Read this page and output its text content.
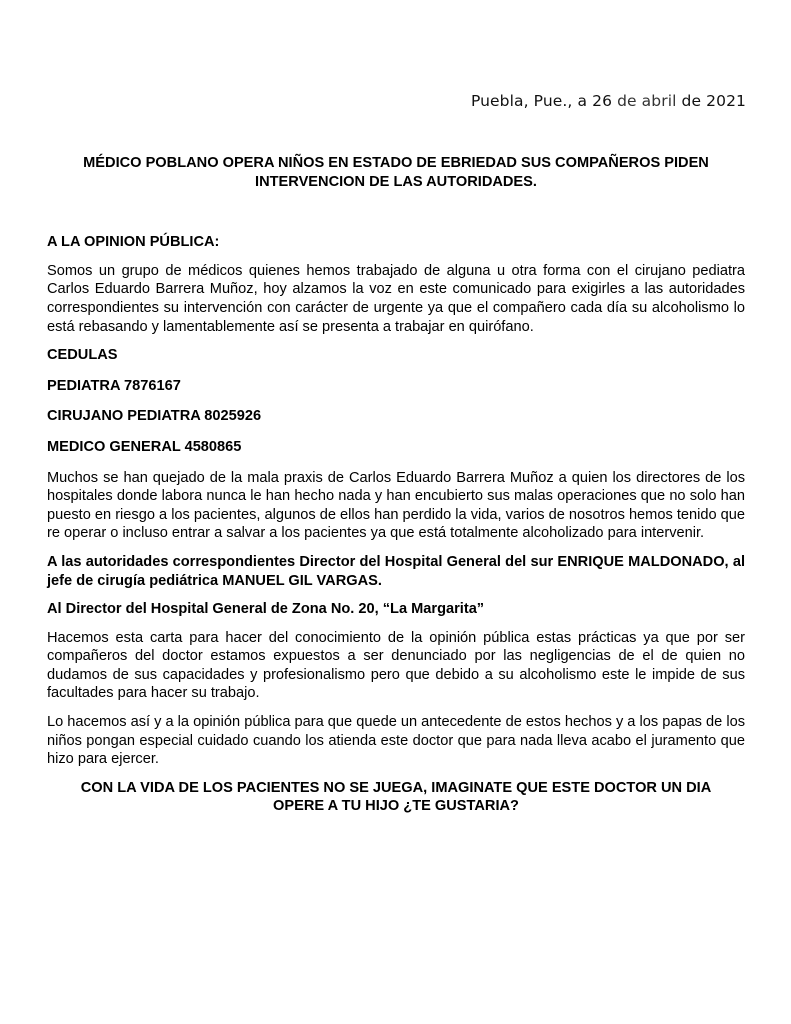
Puebla, Pue., a 26 de abril de 2021
MÉDICO POBLANO OPERA NIÑOS EN ESTADO DE EBRIEDAD SUS COMPAÑEROS PIDEN INTERVENCION DE LAS AUTORIDADES.
A LA OPINION PÚBLICA:

Somos un grupo de médicos quienes hemos trabajado de alguna u otra forma con el cirujano pediatra Carlos Eduardo Barrera Muñoz, hoy alzamos la voz en este comunicado para exigirles a las autoridades correspondientes su intervención con carácter de urgente ya que el compañero cada día su alcoholismo lo está rebasando y lamentablemente así se presenta a trabajar en quirófano.

CEDULAS
PEDIATRA 7876167
CIRUJANO PEDIATRA 8025926
MEDICO GENERAL 4580865

Muchos se han quejado de la mala praxis de Carlos Eduardo Barrera Muñoz a quien los directores de los hospitales donde labora nunca le han hecho nada y han encubierto sus malas operaciones que no solo han puesto en riesgo a los pacientes, algunos de ellos han perdido la vida, varios de nosotros hemos tenido que re operar o incluso entrar a salvar a los pacientes ya que está totalmente alcoholizado para intervenir.

A las autoridades correspondientes Director del Hospital General del sur ENRIQUE MALDONADO, al jefe de cirugía pediátrica MANUEL GIL VARGAS.

Al Director del Hospital General de Zona No. 20, “La Margarita”

Hacemos esta carta para hacer del conocimiento de la opinión pública estas prácticas ya que por ser compañeros del doctor estamos expuestos a ser denunciado por las negligencias de el de quien no dudamos de sus capacidades y profesionalismo pero que debido a su alcoholismo este le impide de sus facultades para hacer su trabajo.

Lo hacemos así y a la opinión pública para que quede un antecedente de estos hechos y a los papas de los niños pongan especial cuidado cuando los atienda este doctor que para nada lleva acabo el juramento que hizo para ejercer.

CON LA VIDA DE LOS PACIENTES NO SE JUEGA, IMAGINATE QUE ESTE DOCTOR UN DIA OPERE A TU HIJO ¿TE GUSTARIA?
